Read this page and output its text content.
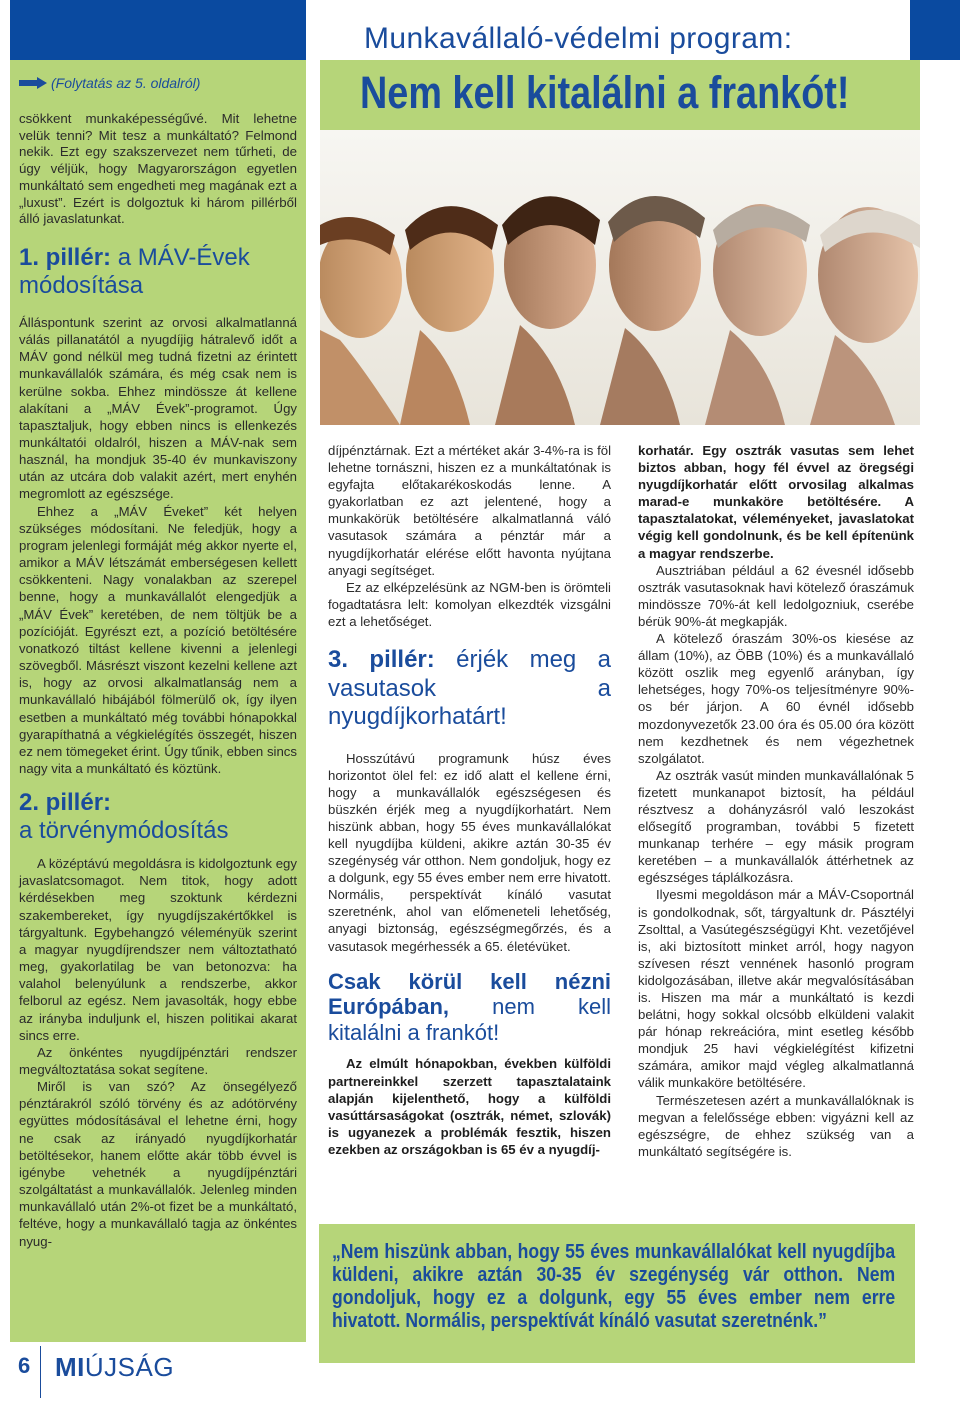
(Folytatás az 5. oldalról)
csökkent munkaképességűvé. Mit lehetne velük tenni? Mit tesz a munkáltató? Felmond nekik. Ezt egy szakszervezet nem tűrheti, de úgy véljük, hogy Magyarországon egyetlen munkáltató sem engedheti meg magának ezt a „luxust”. Ezért is dolgoztuk ki három pillérből álló javaslatunkat.
1. pillér: a MÁV-Évek módosítása

Álláspontunk szerint az orvosi alkalmatlanná válás pillanatától a nyugdíjig hátralevő időt a MÁV gond nélkül meg tudná fizetni az érintett munkavállalók számára, és még csak nem is kerülne sokba. Ehhez mindössze át kellene alakítani a „MÁV Évek”-programot. Úgy tapasztaljuk, hogy ebben nincs is ellenkezés munkáltatói oldalról, hiszen a MÁV-nak sem használ, ha mondjuk 35-40 év munkaviszony után az utcára dob valakit azért, mert enyhén megromlott az egészsége.

Ehhez a „MÁV Éveket” két helyen szükséges módosítani. Ne feledjük, hogy a program jelenlegi formáját még akkor nyerte el, amikor a MÁV létszámát emberségesen kellett csökkenteni. Nagy vonalakban az szerepel benne, hogy a munkavállalót elengedjük a „MÁV Évek” keretében, de nem töltjük be a pozícióját. Egyrészt ezt, a pozíció betöltésére vonatkozó tiltást kellene kivenni a jelenlegi szövegből. Másrészt viszont kezelni kellene azt is, hogy az orvosi alkalmatlanság nem a munkavállaló hibájából fölmerülő ok, így ilyen esetben a munkáltató még további hónapokkal gyarapíthatná a végkielégítés összegét, hiszen ez nem tömegeket érint. Úgy tűnik, ebben sincs nagy vita a munkáltató és köztünk.

2. pillér:
a törvénymódosítás

A középtávú megoldásra is kidolgoztunk egy javaslatcsomagot. Nem titok, hogy adott kérdésekben meg szoktunk kérdezni szakembereket, így nyugdíjszakértőkkel is tárgyaltunk. Egybehangzó véleményük szerint a magyar nyugdíjrendszer nem változtatható meg, gyakorlatilag be van betonozva: ha valahol belenyúlunk a rendszerbe, akkor felborul az egész. Nem javasolták, hogy ebbe az irányba induljunk el, hiszen politikai akarat sincs erre.

Az önkéntes nyugdíjpénztári rendszer megváltoztatása sokat segítene.

Miről is van szó? Az önsegélyező pénztárakról szóló törvény és az adótörvény együttes módosításával el lehetne érni, hogy ne csak az irányadó nyugdíjkorhatár betöltésekor, hanem előtte akár több évvel is igénybe vehetnék a nyugdíjpénztári szolgáltatást a munkavállalók. Jelenleg minden munkavállaló után 2%-ot fizet be a munkáltató, feltéve, hogy a munkavállaló tagja az önkéntes nyug-

6 MIÚJSÁG
Munkavállaló-védelmi program:
Nem kell kitalálni a frankót!

díjpénztárnak. Ezt a mértéket akár 3-4%-ra is föl lehetne tornászni, hiszen ez a munkáltatónak is egyfajta előtakarékoskodás lenne. A gyakorlatban ez azt jelentené, hogy a munkakörük betöltésére alkalmatlanná váló vasutasok számára a pénztár már a nyugdíjkorhatár elérése előtt havonta nyújtana anyagi segítséget.

Ez az elképzelésünk az NGM-ben is örömteli fogadtatásra lelt: komolyan elkezdték vizsgálni ezt a lehetőséget.

3. pillér: érjék meg a vasutasok a nyugdíjkorhatárt!

Hosszútávú programunk húsz éves horizontot ölel fel: ez idő alatt el kellene érni, hogy a munkavállalók egészségesen és büszkén érjék meg a nyugdíjkorhatárt. Nem hiszünk abban, hogy 55 éves munkavállalókat kell nyugdíjba küldeni, akikre aztán 30-35 év szegénység vár otthon. Nem gondoljuk, hogy ez a dolgunk, egy 55 éves ember nem erre hivatott. Normális, perspektívát kínáló vasutat szeretnénk, ahol van előmeneteli lehetőség, anyagi biztonság, egészségmegőrzés, és a vasutasok megérhessék a 65. életévüket.

Csak körül kell nézni Európában, nem kell kitalálni a frankót!

Az elmúlt hónapokban, években külföldi partnereinkkel szerzett tapasztalataink alapján kijelenthető, hogy a külföldi vasúttársaságokat (osztrák, német, szlovák) is ugyanezek a problémák fesztik, hiszen ezekben az országokban is 65 év a nyugdíj-

korhatár. Egy osztrák vasutas sem lehet biztos abban, hogy fél évvel az öregségi nyugdíjkorhatár előtt orvosilag alkalmas marad-e munkaköre betöltésére. A tapasztalatokat, véleményeket, javaslatokat végig kell gondolnunk, és be kell építenünk a magyar rendszerbe.

Ausztriában például a 62 évesnél idősebb osztrák vasutasoknak havi kötelező óraszámuk mindössze 70%-át kell ledolgozniuk, cserébe bérük 90%-át megkapják.

A kötelező óraszám 30%-os kiesése az állam (10%), az ÖBB (10%) és a munkavállaló között oszlik meg egyenlő arányban, így lehetséges, hogy 70%-os teljesítményre 90%-os bér járjon. A 60 évnél idősebb mozdonyvezetők 23.00 óra és 05.00 óra között nem kezdhetnek és nem végezhetnek szolgálatot.

Az osztrák vasút minden munkavállalónak 5 fizetett munkanapot biztosít, ha például résztvesz a dohányzásról való leszokást elősegítő programban, további 5 fizetett munkanap terhére – egy másik program keretében – a munkavállalók áttérhetnek az egészséges táplálkozásra.

Ilyesmi megoldáson már a MÁV-Csoportnál is gondolkodnak, sőt, tárgyaltunk dr. Pásztélyi Zsolttal, a Vasútegészségügyi Kht. vezetőjével is, aki biztosított minket arról, hogy nagyon szívesen részt vennének hasonló program kidolgozásában, illetve akár megvalósításában is. Hiszen ma már a munkáltató is kezdi belátni, hogy sokkal olcsóbb elküldeni valakit pár hónap rekreációra, mint esetleg később mondjuk 25 havi végkielégítést kifizetni számára, amikor majd végleg alkalmatlanná válik munkaköre betöltésére.

Természetesen azért a munkavállalóknak is megvan a felelőssége ebben: vigyázni kell az egészségre, de ehhez szükség van a munkáltató segítségére is.

„Nem hiszünk abban, hogy 55 éves munkavállalókat kell nyugdíjba küldeni, akikre aztán 30-35 év szegénység vár otthon. Nem gondoljuk, hogy ez a dolgunk, egy 55 éves ember nem erre hivatott. Normális, perspektívát kínáló vasutat szeretnénk.”
